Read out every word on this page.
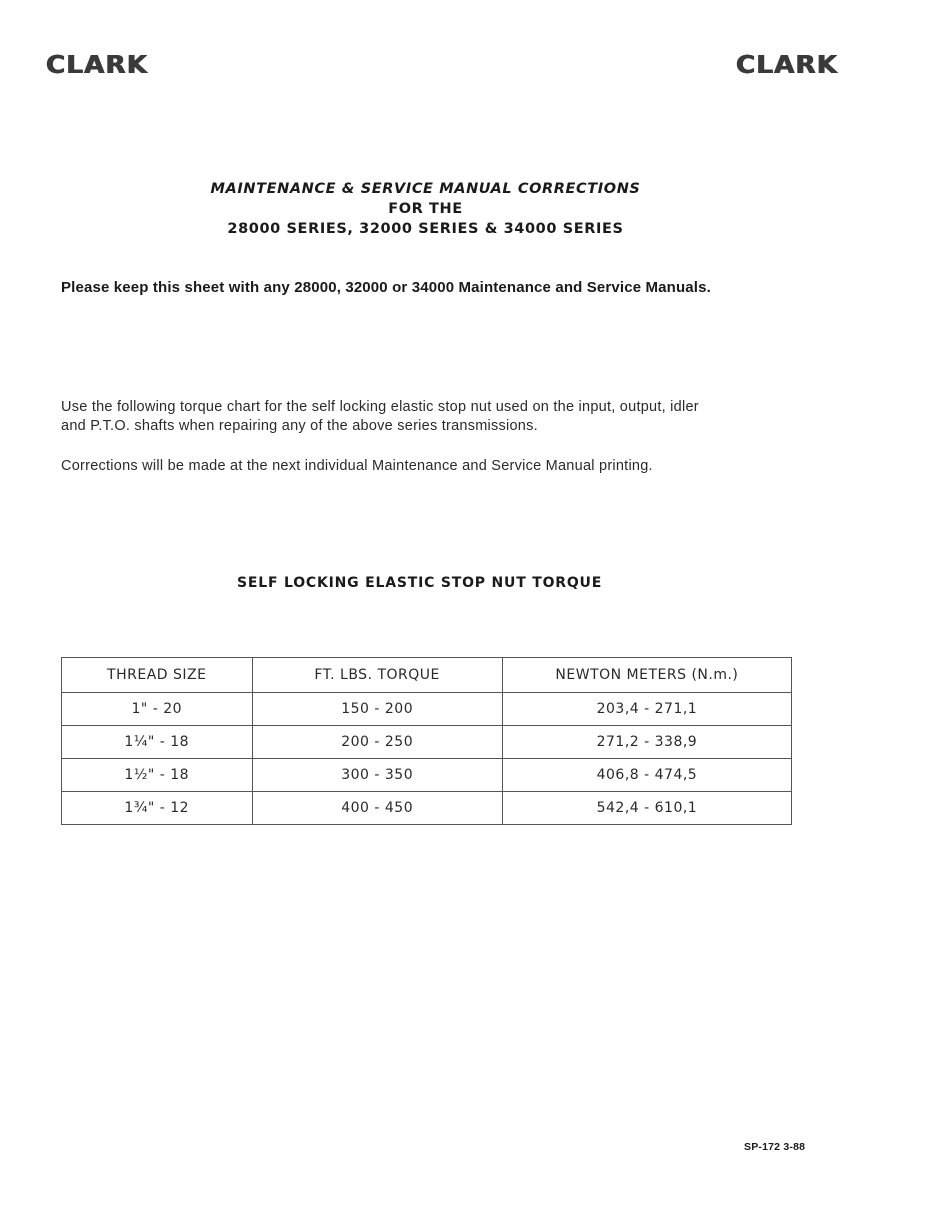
CLARK	CLARK
MAINTENANCE & SERVICE MANUAL CORRECTIONS
FOR THE
28000 SERIES, 32000 SERIES & 34000 SERIES
Please keep this sheet with any 28000, 32000 or 34000 Maintenance and Service Manuals.
Use the following torque chart for the self locking elastic stop nut used on the input, output, idler
and P.T.O. shafts when repairing any of the above series transmissions.
Corrections will be made at the next individual Maintenance and Service Manual printing.
SELF LOCKING ELASTIC STOP NUT TORQUE
THREAD SIZE	FT. LBS. TORQUE	NEWTON METERS (N.m.)
1" - 20	150 - 200	203,4 - 271,1
1¼" - 18	200 - 250	271,2 - 338,9
1½" - 18	300 - 350	406,8 - 474,5
1¾" - 12	400 - 450	542,4 - 610,1
SP-172 3-88
